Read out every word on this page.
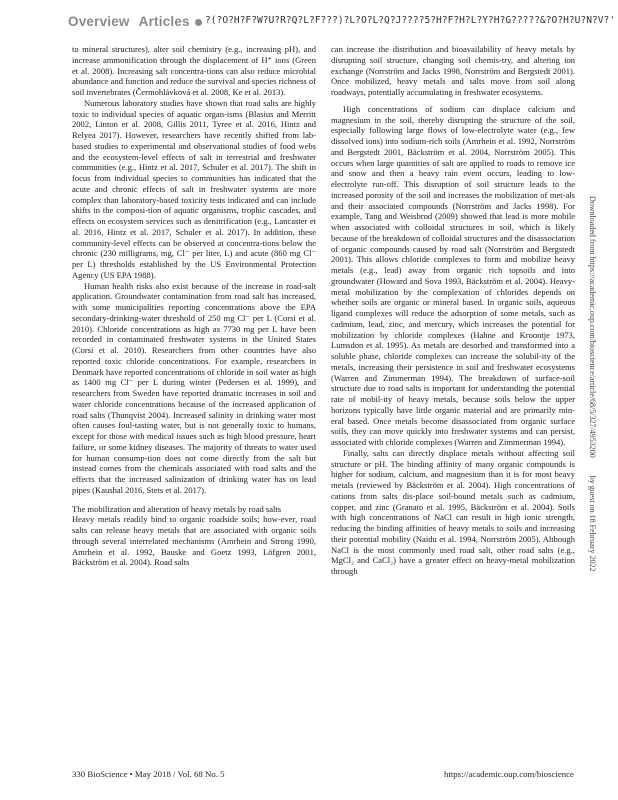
Overview Articles	?(?O?H?F?W?U?R?Q?L?F???)?L?O?L?Q?J????5?H?F?H?L?Y?H?G?????&?O?H?U?N?V?'

to mineral structures), alter soil chemistry (e.g., increasing pH), and increase ammonification through the displacement of H⁺ ions (Green et al. 2008). Increasing salt concentra-tions can also reduce microbial abundance and function and reduce the survival and species richness of soil invertebrates (Čermohlávková et al. 2008, Ke et al. 2013).

Numerous laboratory studies have shown that road salts are highly toxic to individual species of aquatic organ-isms (Blasius and Merritt 2002, Linton et al. 2008, Gillis 2011, Tyree et al. 2016, Hintz and Relyea 2017). However, researchers have recently shifted from lab-based studies to experimental and observational studies of food webs and the ecosystem-level effects of salt in terrestrial and freshwater communities (e.g., Hintz et al. 2017, Schuler et al. 2017). The shift in focus from individual species to communities has indicated that the acute and chronic effects of salt in freshwater systems are more complex than laboratory-based toxicity tests indicated and can include shifts in the composi-tion of aquatic organisms, trophic cascades, and effects on ecosystem services such as denitrification (e.g., Lancaster et al. 2016, Hintz et al. 2017, Schuler et al. 2017). In addition, these community-level effects can be observed at concentra-tions below the chronic (230 milligrams, mg, Cl⁻ per liter, L) and acute (860 mg Cl⁻ per L) thresholds established by the US Environmental Protection Agency (US EPA 1988).

Human health risks also exist because of the increase in road-salt application. Groundwater contamination from road salt has increased, with some municipalities reporting concentrations above the EPA secondary-drinking-water threshold of 250 mg Cl⁻ per L (Corsi et al. 2010). Chloride concentrations as high as 7730 mg per L have been recorded in contaminated freshwater systems in the United States (Corsi et al. 2010). Researchers from other countries have also reported toxic chloride concentrations. For example, researchers in Denmark have reported concentrations of chloride in soil water as high as 1400 mg Cl⁻ per L during winter (Pedersen et al. 1999), and researchers from Sweden have reported dramatic increases in soil and water chloride concentrations because of the increased application of road salts (Thunqvist 2004). Increased salinity in drinking water most often causes foul-tasting water, but is not generally toxic to humans, except for those with medical issues such as high blood pressure, heart failure, or some kidney diseases. The majority of threats to water used for human consump-tion does not come directly from the salt but instead comes from the chemicals associated with road salts and the effects that the increased salinization of drinking water has on lead pipes (Kaushal 2016, Stets et al. 2017).

The mobilization and alteration of heavy metals by road salts

Heavy metals readily bind to organic roadside soils; how-ever, road salts can release heavy metals that are associated with organic soils through several interrelated mechanisms (Amrhein and Strong 1990, Amrhein et al. 1992, Bauske and Goetz 1993, Löfgren 2001, Bäckström et al. 2004). Road salts

can increase the distribution and bioavailability of heavy metals by disrupting soil structure, changing soil chemis-try, and altering ion exchange (Norrström and Jacks 1998, Norrström and Bergstedt 2001). Once mobilized, heavy metals and salts move from soil along roadways, potentially accumulating in freshwater ecosystems.

High concentrations of sodium can displace calcium and magnesium in the soil, thereby disrupting the structure of the soil, especially following large flows of low-electrolyte water (e.g., few dissolved ions) into sodium-rich soils (Amrhein et al. 1992, Norrström and Bergstedt 2001, Bäckström et al. 2004, Norrström 2005). This occurs when large quantities of salt are applied to roads to remove ice and snow and then a heavy rain event occurs, leading to low-electrolyte run-off. This disruption of soil structure leads to the increased porosity of the soil and increases the mobilization of met-als and their associated compounds (Norrström and Jacks 1998). For example, Tang and Weisbrod (2009) showed that lead is more mobile when associated with colloidal structures in soil, which is likely because of the breakdown of colloidal structures and the disassociation of organic compounds caused by road salt (Norrström and Bergstedt 2001). This allows chloride complexes to form and mobilize heavy metals (e.g., lead) away from organic rich topsoils and into groundwater (Howard and Sova 1993, Bäckström et al. 2004). Heavy-metal mobilization by the complexation of chlorides depends on whether soils are organic or mineral based. In organic soils, aqueous ligand complexes will reduce the adsorption of some metals, such as cadmium, lead, zinc, and mercury, which increases the potential for mobilization by chloride complexes (Hahne and Kroontje 1973, Lumsdon et al. 1995). As metals are desorbed and transformed into a soluble phase, chloride complexes can increase the solubil-ity of the metals, increasing their persistence in soil and freshwater ecosystems (Warren and Zimmerman 1994). The breakdown of surface-soil structure due to road salts is important for understanding the potential rate of mobil-ity of heavy metals, because soils below the upper horizons typically have little organic material and are primarily min-eral based. Once metals become disassociated from organic surface soils, they can move quickly into freshwater systems and can persist, associated with chloride complexes (Warren and Zimmerman 1994).

Finally, salts can directly displace metals without affecting soil structure or pH. The binding affinity of many organic compounds is higher for sodium, calcium, and magnesium than it is for most heavy metals (reviewed by Bäckström et al. 2004). High concentrations of cations from salts dis-place soil-bound metals such as cadmium, copper, and zinc (Granato et al. 1995, Bäckström et al. 2004). Soils with high concentrations of NaCl can result in high ionic strength, reducing the binding affinities of heavy metals to soils and increasing their potential mobility (Naidu et al. 1994, Norrström 2005). Although NaCl is the most commonly used road salt, other road salts (e.g., MgCl₂ and CaCl₂) have a greater effect on heavy-metal mobilization through

Downloaded from https://academic.oup.com/bioscience/article/68/5/327/4953200by guest on 18 February 2022
330 BioScience • May 2018 / Vol. 68 No. 5	https://academic.oup.com/bioscience
